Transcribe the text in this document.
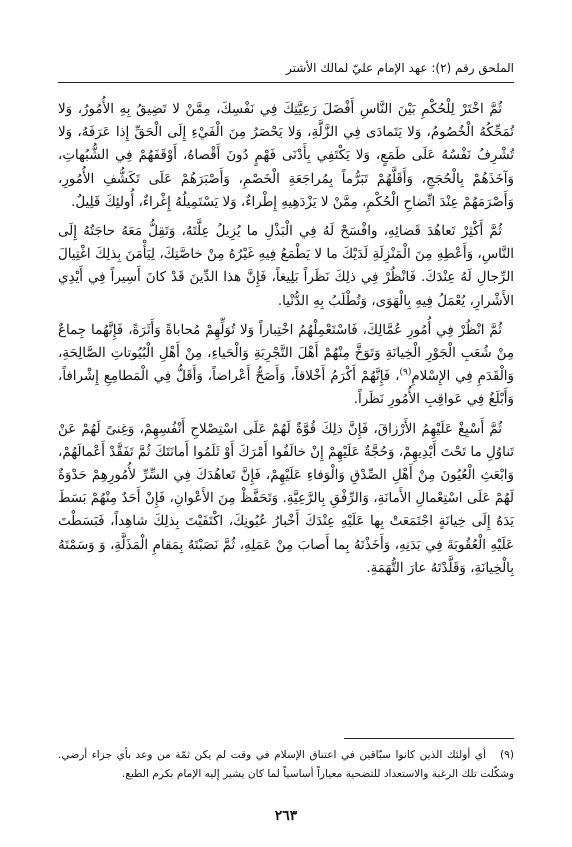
الملحق رقم (٢): عهد الإمام عليّ لمالك الأشتر

ثُمَّ اخْتَرْ لِلْحُكْمِ بَيْنَ النَّاسِ أَفْضَلَ رَعِيَّتِكَ فِي نَفْسِكَ، مِمَّنْ لا تَضِيقُ بِهِ الأُمُورُ، وَلا تُمَحِّكُهُ الْخُصُومُ، وَلا يَتَمادَى فِي الزَّلَّةِ، وَلا يَحْصَرُ مِنَ الْفَيْءِ إِلَى الْحَقِّ إِذا عَرَفَهُ، وَلا تُشْرِفُ نَفْسُهُ عَلَى طَمَعٍ، وَلا يَكْتَفِي بِأَدْنَى فَهْمٍ دُونَ أَقْصاهُ، أَوْقَفَهُمْ فِي الشُّبُهاتِ، وَآخَذَهُمْ بِالْحُجَجِ، وَأَقَلَّهُمْ تَبَرُّماً بِمُراجَعَةِ الْخَصْمِ، وَأَصْبَرَهُمْ عَلَى تَكَشُّفِ الأُمُورِ، وَأَصْرَمَهُمْ عِنْدَ اتِّضاحِ الْحُكْمِ، مِمَّنْ لا يَزْدَهِيهِ إِطْراءٌ، وَلا يَسْتَمِيلُهُ إِغْراءٌ، أُولئِكَ قَلِيلٌ.

ثُمَّ أَكْثِرْ تَعاهُدَ قَضائِهِ، وافْسَحْ لَهُ فِي الْبَذْلِ ما يُزِيلُ عِلَّتَهُ، وَتَقِلُّ مَعَهُ حاجَتُهُ إِلَى النَّاسِ، وَأَعْطِهِ مِنَ الْمَنْزِلَةِ لَدَيْكَ ما لا يَطْمَعُ فِيهِ غَيْرُهُ مِنْ خاصَّتِكَ، لِيَأْمَنَ بِذلِكَ اغْتِيالَ الرِّجالِ لَهُ عِنْدَكَ. فَانْظُرْ فِي ذلِكَ نَظَراً بَلِيغاً، فَإِنَّ هذا الدِّينَ قَدْ كانَ أَسِيراً فِي أَيْدِي الأَشْرارِ، يُعْمَلُ فِيهِ بِالْهَوَى، وَتُطْلَبُ بِهِ الدُّنْيا.

ثُمَّ انْظُرْ فِي أُمُورِ عُمَّالِكَ، فَاسْتَعْمِلْهُمُ اخْتِباراً وَلا تُوَلِّهِمْ مُحاباةً وَأَثَرَةً، فَإِنَّهُما جِماعٌ مِنْ شُعَبِ الْجَوْرِ الْخِيانَةِ وَتَوَخَّ مِنْهُمْ أَهْلَ التَّجْرِبَةِ وَالْحَياءِ، مِنْ أَهْلِ الْبُيُوتاتِ الصَّالِحَةِ، وَالْقَدَمِ فِي الإِسْلامِ$^{(٩)}$، فَإِنَّهُمْ أَكْرَمُ أَخْلاقاً، وَأَصَحُّ أَعْراضاً، وَأَقَلُّ فِي الْمَطامِعِ إِشْرافاً، وَأَبْلَغُ فِي عَواقِبِ الأُمُورِ نَظَراً.

ثُمَّ أَسْبِغْ عَلَيْهِمُ الأَرْزاقَ، فَإِنَّ ذلِكَ قُوَّةٌ لَهُمْ عَلَى اسْتِصْلاحِ أَنْفُسِهِمْ، وَغِنىً لَهُمْ عَنْ تَناوُلِ ما تَحْتَ أَيْدِيهِمْ، وَحُجَّةٌ عَلَيْهِمْ إِنْ خالَفُوا أَمْرَكَ أَوْ ثَلَمُوا أَمانَتَكَ ثُمَّ تَفَقَّدْ أَعْمالَهُمْ، وَابْعَثِ الْعُيُونَ مِنْ أَهْلِ الصِّدْقِ وَالْوَفاءِ عَلَيْهِمْ، فَإِنَّ تَعاهُدَكَ فِي السِّرِّ لأُمُورِهِمْ حَدْوَةٌ لَهُمْ عَلَى اسْتِعْمالِ الأَمانَةِ، وَالرِّفْقِ بِالرَّعِيَّةِ. وَتَحَفَّظْ مِنَ الأَعْوانِ، فَإِنْ أَحَدٌ مِنْهُمْ بَسَطَ يَدَهُ إِلَى خِيانَةٍ اجْتَمَعَتْ بِها عَلَيْهِ عِنْدَكَ أَخْبارُ عُيُونِكَ، اكْتَفَيْتَ بِذلِكَ شاهِداً، فَبَسَطْتَ عَلَيْهِ الْعُقُوبَةَ فِي بَدَنِهِ، وَأَخَذْتَهُ بِما أَصابَ مِنْ عَمَلِهِ، ثُمَّ نَصَبْتَهُ بِمَقامِ الْمَذَلَّةِ، وَ وَسَمْتَهُ بِالْخِيانَةِ، وَقَلَّدْتَهُ عارَ التُّهَمَةِ.

(٩)أي أولئك الذين كانوا سبّاقين في اعتناق الإسلام في وقت لم يكن ثمّة من وعد بأي جزاء أرضي. وشكّلت تلك الرغبة والاستعداد للتضحية معياراً أساسياً لما كان يشير إليه الإمام بكرم الطبع.
٢٦٣
